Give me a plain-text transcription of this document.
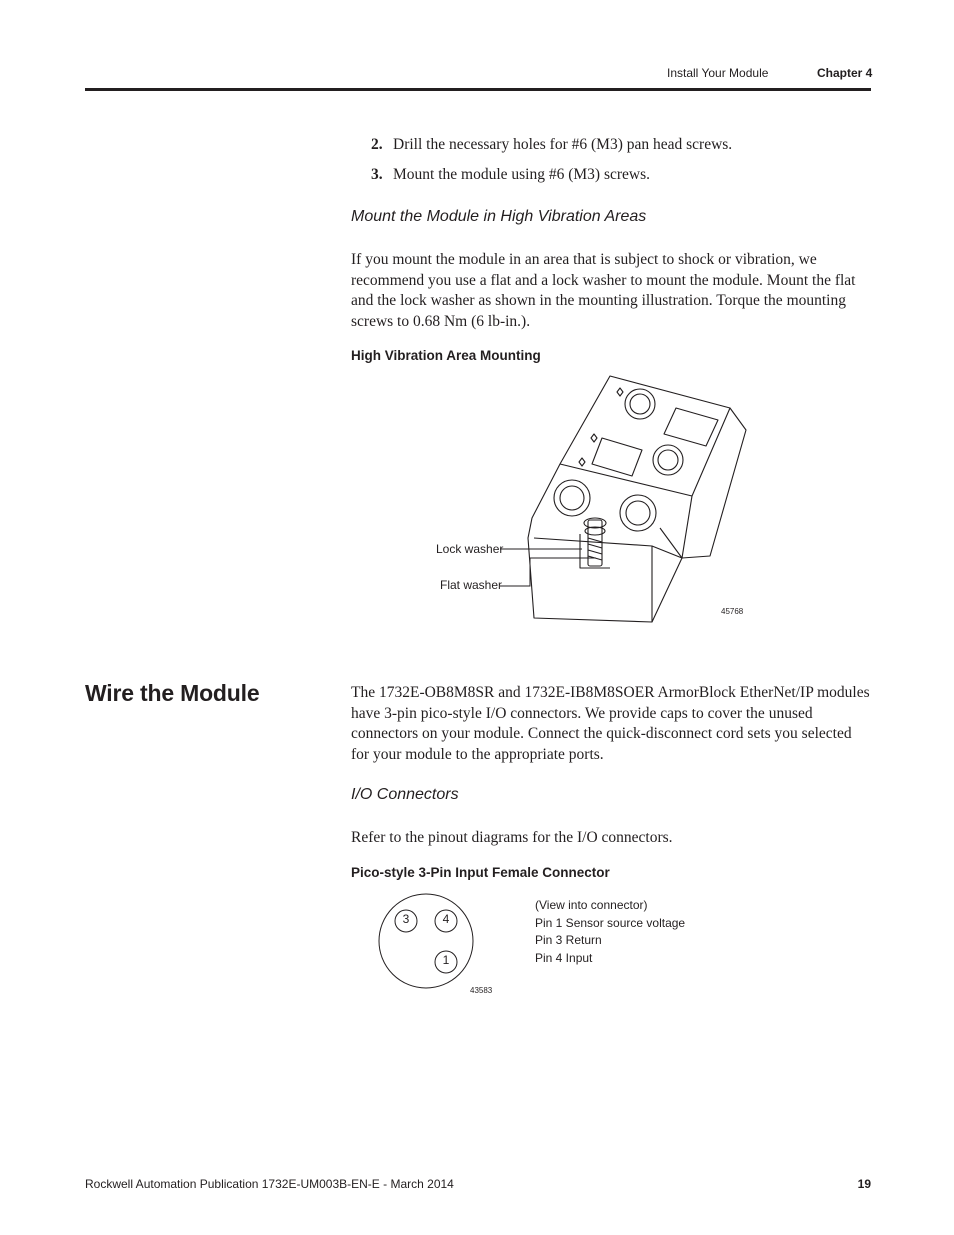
Install Your Module	Chapter 4
2. Drill the necessary holes for #6 (M3) pan head screws.
3. Mount the module using #6 (M3) screws.
Mount the Module in High Vibration Areas
If you mount the module in an area that is subject to shock or vibration, we recommend you use a flat and a lock washer to mount the module. Mount the flat and the lock washer as shown in the mounting illustration. Torque the mounting screws to 0.68 Nm (6 lb-in.).
High Vibration Area Mounting
Lock washer
Flat washer
45768
Wire the Module	The 1732E-OB8M8SR and 1732E-IB8M8SOER ArmorBlock EtherNet/IP modules have 3-pin pico-style I/O connectors. We provide caps to cover the unused connectors on your module. Connect the quick-disconnect cord sets you selected for your module to the appropriate ports.
I/O Connectors
Refer to the pinout diagrams for the I/O connectors.
Pico-style 3-Pin Input Female Connector
3	4
1
43583
(View into connector)
Pin 1 Sensor source voltage
Pin 3 Return
Pin 4 Input
Rockwell Automation Publication 1732E-UM003B-EN-E - March 2014	19
